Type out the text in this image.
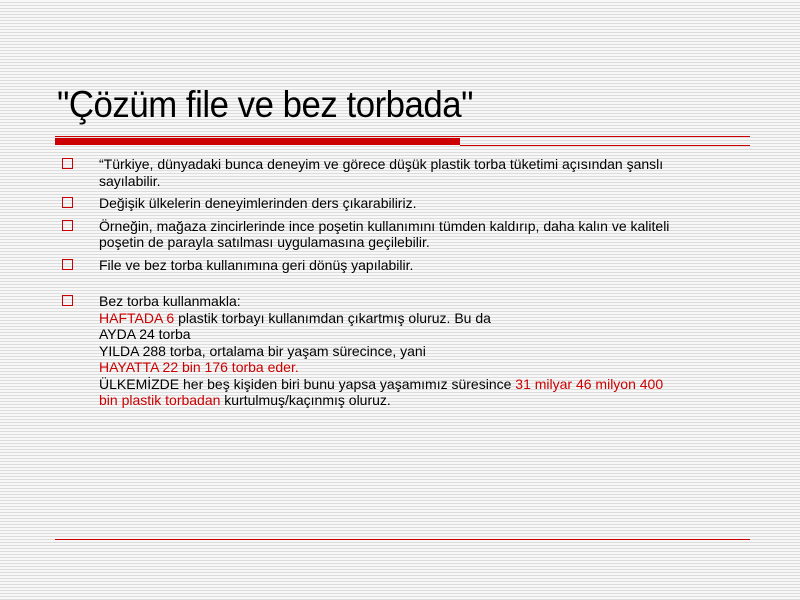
"Çözüm file ve bez torbada"
“Türkiye, dünyadaki bunca deneyim ve görece düşük plastik torba tüketimi açısından şanslı
sayılabilir.
Değişik ülkelerin deneyimlerinden ders çıkarabiliriz.
Örneğin, mağaza zincirlerinde ince poşetin kullanımını tümden kaldırıp, daha kalın ve kaliteli
poşetin de parayla satılması uygulamasına geçilebilir.
File ve bez torba kullanımına geri dönüş yapılabilir.
Bez torba kullanmakla:
HAFTADA 6 plastik torbayı kullanımdan çıkartmış oluruz. Bu da
AYDA 24 torba
YILDA 288 torba, ortalama bir yaşam sürecince, yani
HAYATTA 22 bin 176 torba eder.
ÜLKEMİZDE her beş kişiden biri bunu yapsa yaşamımız süresince 31 milyar 46 milyon 400
bin plastik torbadan kurtulmuş/kaçınmış oluruz.
